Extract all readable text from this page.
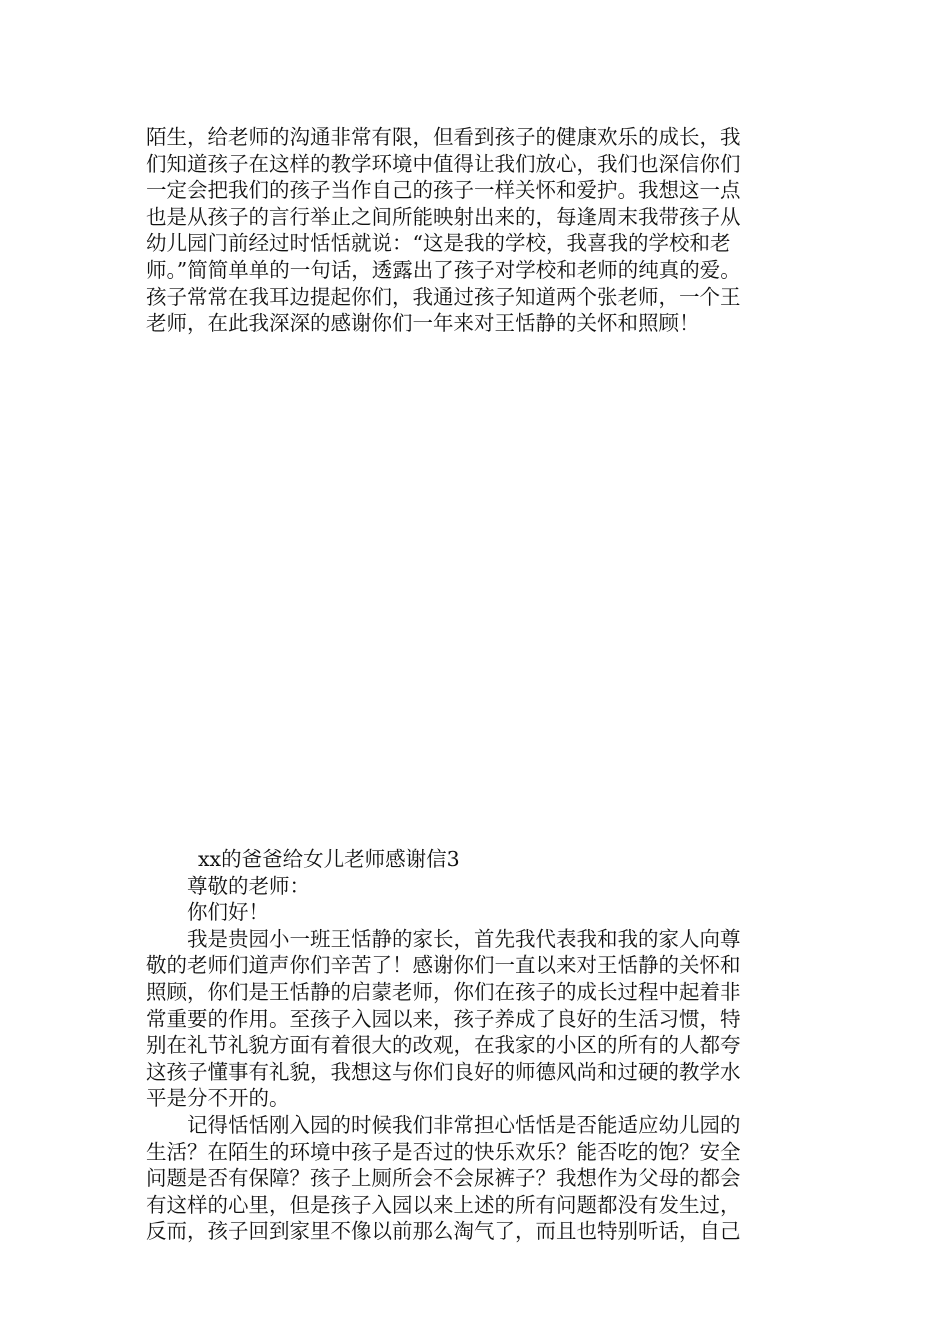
陌生，给老师的沟通非常有限，但看到孩子的健康欢乐的成长，我
们知道孩子在这样的教学环境中值得让我们放心，我们也深信你们
一定会把我们的孩子当作自己的孩子一样关怀和爱护。我想这一点
也是从孩子的言行举止之间所能映射出来的，每逢周末我带孩子从
幼儿园门前经过时恬恬就说：“这是我的学校，我喜我的学校和老
师。”简简单单的一句话，透露出了孩子对学校和老师的纯真的爱。
孩子常常在我耳边提起你们，我通过孩子知道两个张老师，一个王
老师，在此我深深的感谢你们一年来对王恬静的关怀和照顾！
xx的爸爸给女儿老师感谢信3
尊敬的老师：
你们好！
我是贵园小一班王恬静的家长，首先我代表我和我的家人向尊
敬的老师们道声你们辛苦了！感谢你们一直以来对王恬静的关怀和
照顾，你们是王恬静的启蒙老师，你们在孩子的成长过程中起着非
常重要的作用。至孩子入园以来，孩子养成了良好的生活习惯，特
别在礼节礼貌方面有着很大的改观，在我家的小区的所有的人都夸
这孩子懂事有礼貌，我想这与你们良好的师德风尚和过硬的教学水
平是分不开的。
记得恬恬刚入园的时候我们非常担心恬恬是否能适应幼儿园的
生活？在陌生的环境中孩子是否过的快乐欢乐？能否吃的饱？安全
问题是否有保障？孩子上厕所会不会尿裤子？我想作为父母的都会
有这样的心里，但是孩子入园以来上述的所有问题都没有发生过，
反而，孩子回到家里不像以前那么淘气了，而且也特别听话，自己
